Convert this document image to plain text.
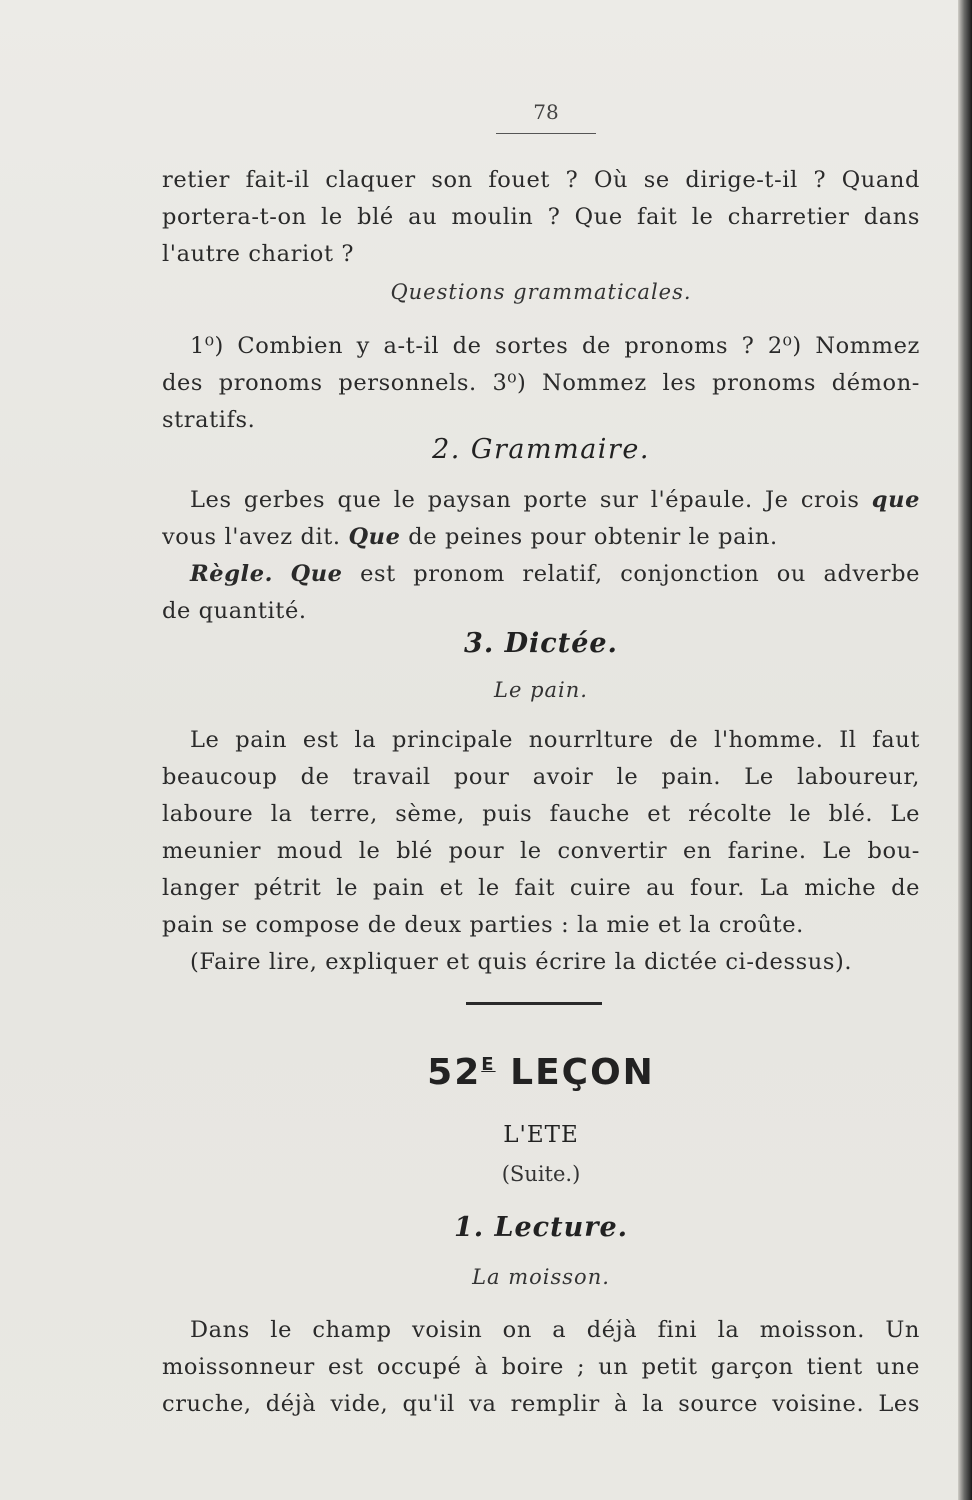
78
retier fait-il claquer son fouet ? Où se dirige-t-il ? Quand
portera-t-on le blé au moulin ? Que fait le charretier dans
l'autre chariot ?
Questions grammaticales.
1⁰) Combien y a-t-il de sortes de pronoms ? 2⁰) Nommez
des pronoms personnels. 3⁰) Nommez les pronoms démon-
stratifs.
2. Grammaire.
Les gerbes que le paysan porte sur l'épaule. Je crois que
vous l'avez dit. Que de peines pour obtenir le pain.
Règle. Que est pronom relatif, conjonction ou adverbe
de quantité.
3. Dictée.
Le pain.
Le pain est la principale nourrlture de l'homme. Il faut
beaucoup de travail pour avoir le pain. Le laboureur,
laboure la terre, sème, puis fauche et récolte le blé. Le
meunier moud le blé pour le convertir en farine. Le bou-
langer pétrit le pain et le fait cuire au four. La miche de
pain se compose de deux parties : la mie et la croûte.
(Faire lire, expliquer et quis écrire la dictée ci-dessus).
$52^E$ LEÇON
L'ETE
(Suite.)
1. Lecture.
La moisson.
Dans le champ voisin on a déjà fini la moisson. Un
moissonneur est occupé à boire ; un petit garçon tient une
cruche, déjà vide, qu'il va remplir à la source voisine. Les
